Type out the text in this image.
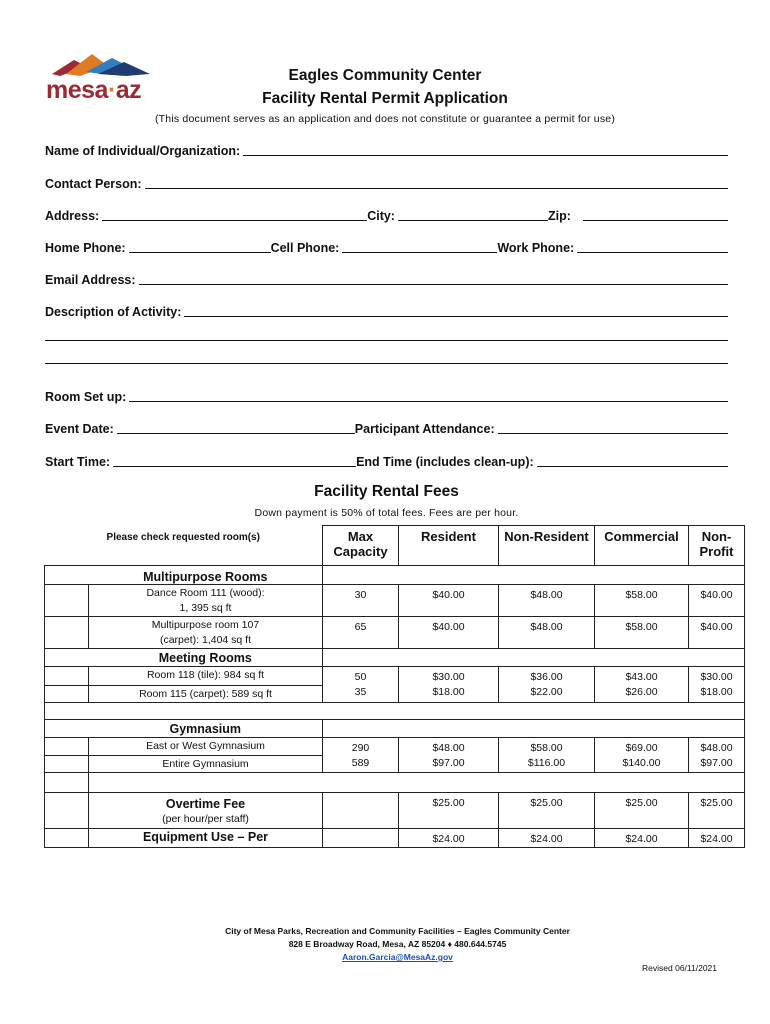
mesa·az
Eagles Community Center
Facility Rental Permit Application
(This document serves as an application and does not constitute or guarantee a permit for use)
Name of Individual/Organization:
Contact Person:
Address:	City:	Zip:
Home Phone:	Cell Phone:	Work Phone:
Email Address:
Description of Activity:
Room Set up:
Event Date:	Participant Attendance:
Start Time:	End Time (includes clean-up):
Facility Rental Fees
Down payment is 50% of total fees. Fees are per hour.
Please check requested room(s)		Max
Capacity	Resident	Non-Resident	Commercial	Non-Profit
	Multipurpose Rooms					

	Dance Room 111 (wood):
1, 395 sq ft	30	$40.00	$48.00	$58.00	$40.00

	Multipurpose room 107
(carpet): 1,404 sq ft	65	$40.00	$48.00	$58.00	$40.00
	Meeting Rooms					
	Room 118 (tile): 984 sq ft	50	$30.00	$36.00	$43.00	$30.00
	Room 115 (carpet): 589 sq ft	35	$18.00	$22.00	$26.00	$18.00

	Gymnasium					
	East or West Gymnasium	290	$48.00	$58.00	$69.00	$48.00
	Entire Gymnasium	589	$97.00	$116.00	$140.00	$97.00

	Overtime Fee
(per hour/per staff)		$25.00	$25.00	$25.00	$25.00
	Equipment Use – Per		$24.00	$24.00	$24.00	$24.00
City of Mesa Parks, Recreation and Community Facilities – Eagles Community Center
828 E Broadway Road, Mesa, AZ 85204 ♦ 480.644.5745
Aaron.Garcia@MesaAz.gov
Revised 06/11/2021
